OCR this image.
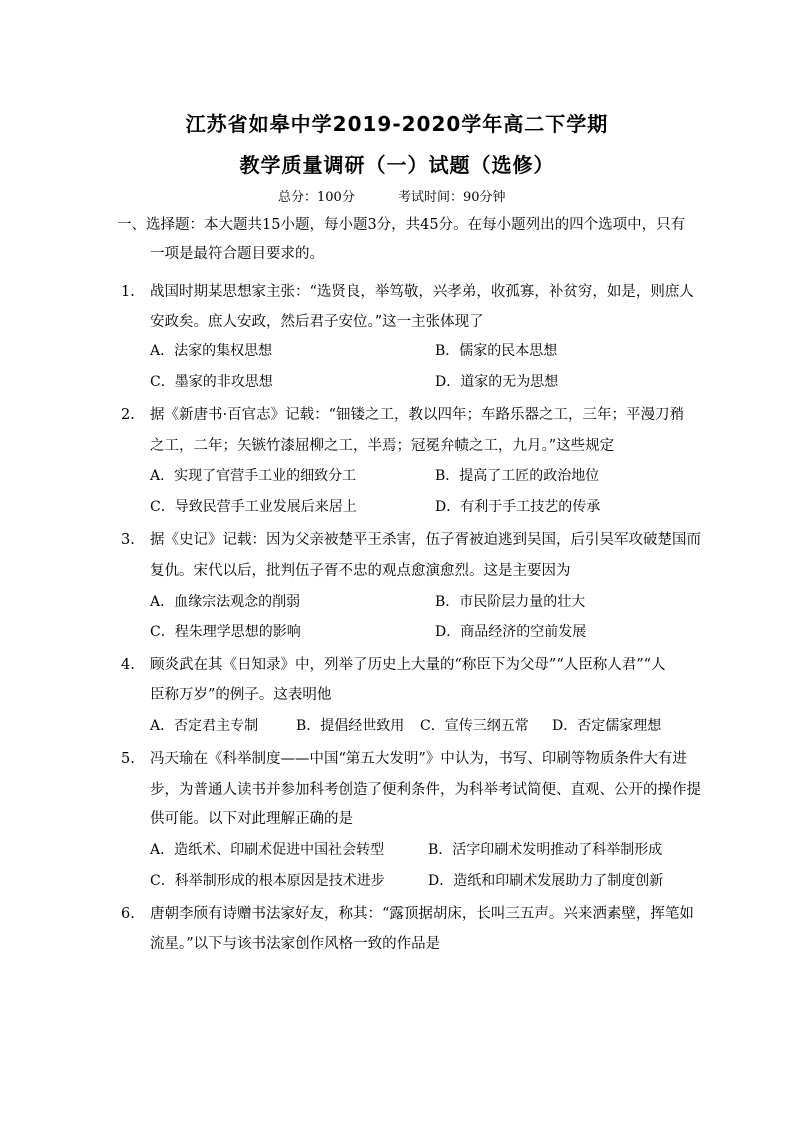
江苏省如皋中学2019-2020学年高二下学期
教学质量调研（一）试题（选修）
总分：100分	考试时间：90分钟
一、选择题：本大题共15小题，每小题3分，共45分。在每小题列出的四个选项中，只有
一项是最符合题目要求的。
1. 战国时期某思想家主张：“选贤良，举笃敬，兴孝弟，收孤寡，补贫穷，如是，则庶人
安政矣。庶人安政，然后君子安位。”这一主张体现了
A．法家的集权思想	B．儒家的民本思想
C．墨家的非攻思想	D．道家的无为思想
2. 据《新唐书·百官志》记载：“钿镂之工，教以四年；车路乐器之工，三年；平漫刀矟
之工，二年；矢镞竹漆屈柳之工，半焉；冠冕弁帻之工，九月。”这些规定
A．实现了官营手工业的细致分工	B．提高了工匠的政治地位
C．导致民营手工业发展后来居上	D．有利于手工技艺的传承
3. 据《史记》记载：因为父亲被楚平王杀害，伍子胥被迫逃到吴国，后引吴军攻破楚国而
复仇。宋代以后，批判伍子胥不忠的观点愈演愈烈。这是主要因为
A．血缘宗法观念的削弱	B．市民阶层力量的壮大
C．程朱理学思想的影响	D．商品经济的空前发展
4. 顾炎武在其《日知录》中，列举了历史上大量的“称臣下为父母”“人臣称人君”“人
臣称万岁”的例子。这表明他
A．否定君主专制	B．提倡经世致用 C．宣传三纲五常 D．否定儒家理想
5. 冯天瑜在《科举制度——中国“第五大发明”》中认为，书写、印刷等物质条件大有进
步，为普通人读书并参加科考创造了便利条件，为科举考试简便、直观、公开的操作提
供可能。以下对此理解正确的是
A．造纸术、印刷术促进中国社会转型	B．活字印刷术发明推动了科举制形成
C．科举制形成的根本原因是技术进步	D．造纸和印刷术发展助力了制度创新
6. 唐朝李颀有诗赠书法家好友，称其：“露顶据胡床，长叫三五声。兴来洒素壁，挥笔如
流星。”以下与该书法家创作风格一致的作品是
